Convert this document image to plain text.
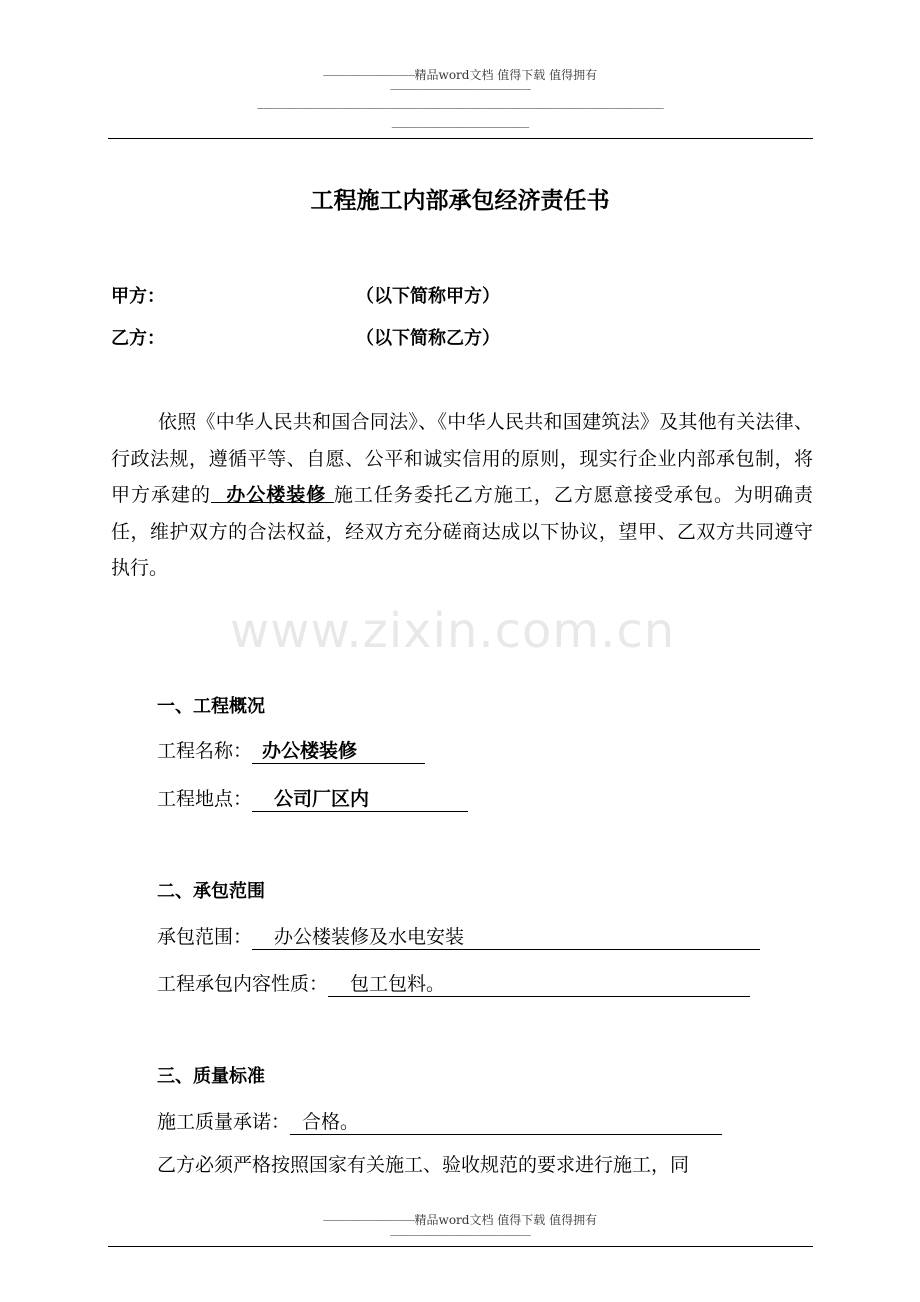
------------------------------精品word文档 值得下载 值得拥有
----------------------------------------------
-------------------------------------------------------------------------------------------------------------------------------------
---------------------------------------------
工程施工内部承包经济责任书
甲方：	（以下简称甲方）
乙方：	（以下简称乙方）

依照《中华人民共和国合同法》、《中华人民共和国建筑法》及其他有关法律、行政法规，遵循平等、自愿、公平和诚实信用的原则，现实行企业内部承包制，将甲方承建的  办公楼装修 施工任务委托乙方施工，乙方愿意接受承包。为明确责任，维护双方的合法权益，经双方充分磋商达成以下协议，望甲、乙双方共同遵守执行。

www.zixin.com.cn
一、工程概况
工程名称： 办公楼装修
工程地点： 公司厂区内
二、承包范围
承包范围： 办公楼装修及水电安装
工程承包内容性质： 包工包料。
三、质量标准
施工质量承诺： 合格。
乙方必须严格按照国家有关施工、验收规范的要求进行施工，同
------------------------------精品word文档 值得下载 值得拥有
----------------------------------------------
